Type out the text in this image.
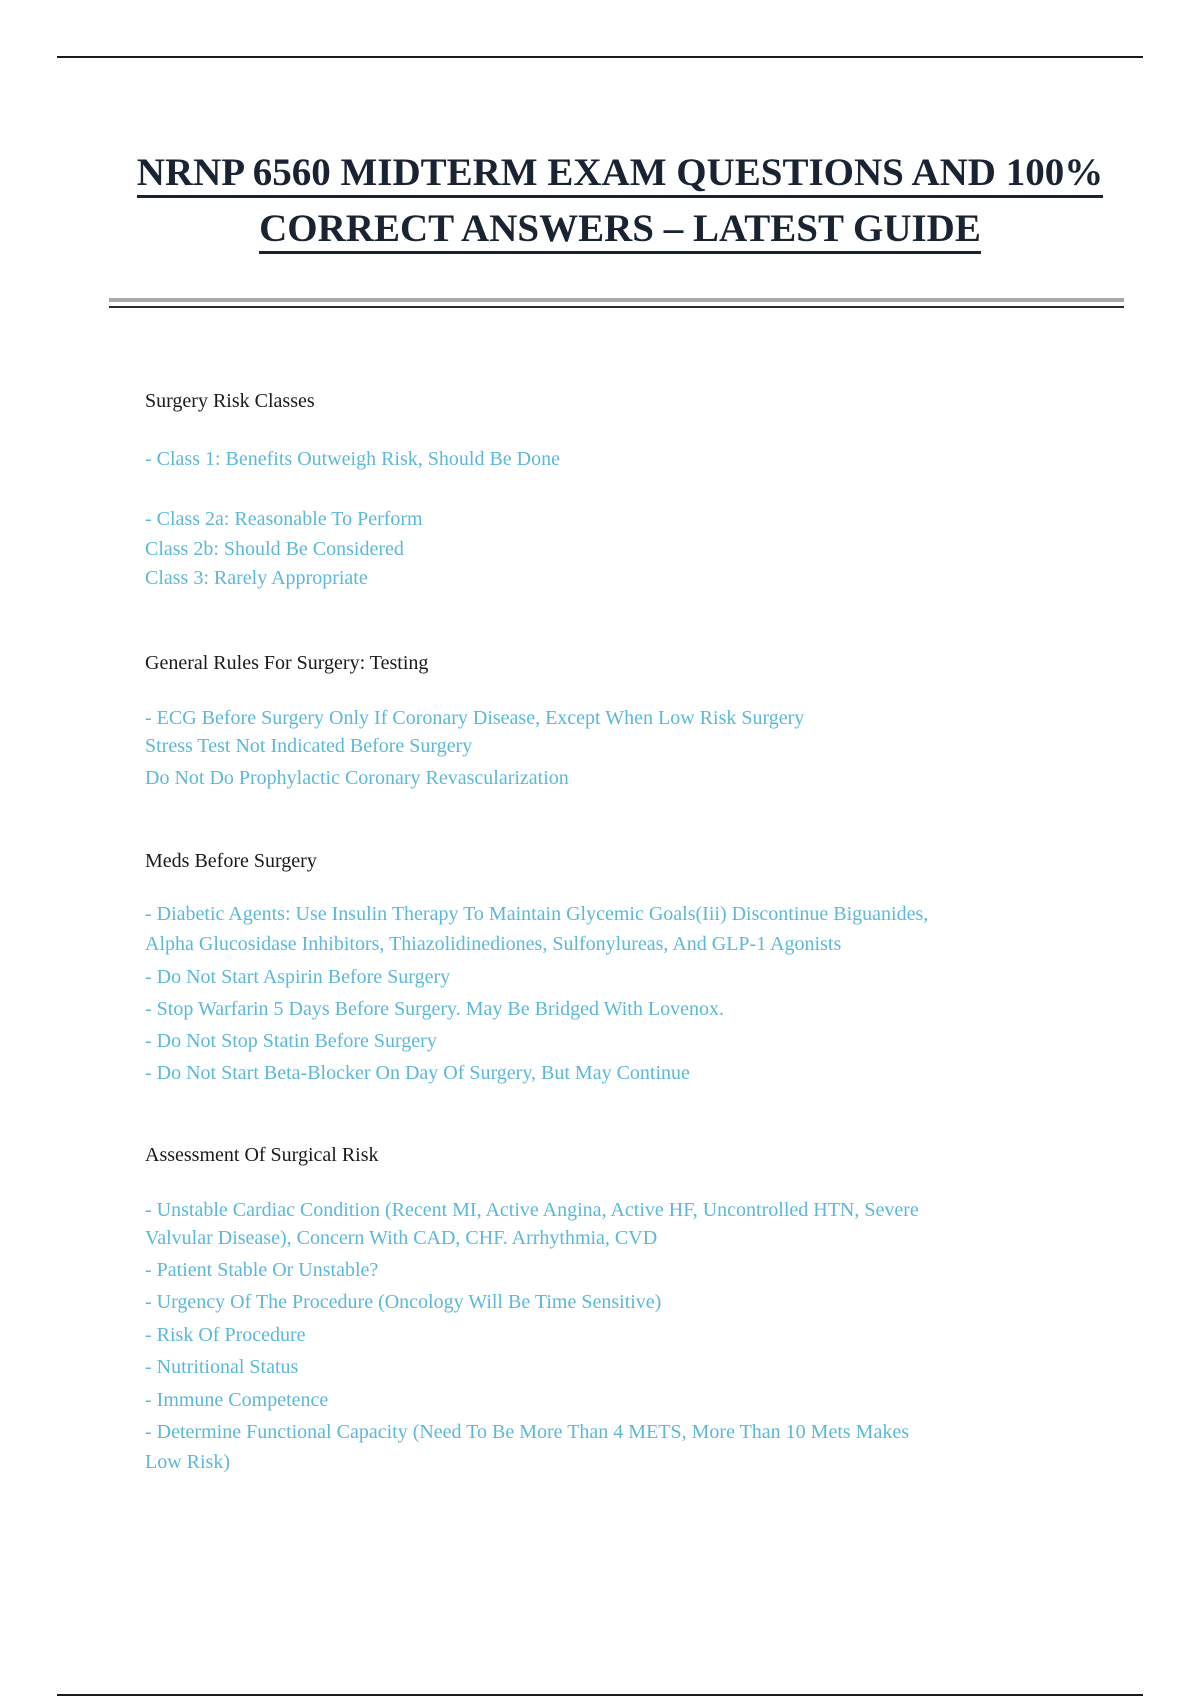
NRNP 6560 MIDTERM EXAM QUESTIONS AND 100%
CORRECT ANSWERS – LATEST GUIDE

Surgery Risk Classes

- Class 1: Benefits Outweigh Risk, Should Be Done

- Class 2a: Reasonable To Perform

Class 2b: Should Be Considered

Class 3: Rarely Appropriate

General Rules For Surgery: Testing

- ECG Before Surgery Only If Coronary Disease, Except When Low Risk Surgery

Stress Test Not Indicated Before Surgery

Do Not Do Prophylactic Coronary Revascularization

Meds Before Surgery

- Diabetic Agents: Use Insulin Therapy To Maintain Glycemic Goals(Iii) Discontinue Biguanides,

Alpha Glucosidase Inhibitors, Thiazolidinediones, Sulfonylureas, And GLP-1 Agonists

- Do Not Start Aspirin Before Surgery

- Stop Warfarin 5 Days Before Surgery. May Be Bridged With Lovenox.

- Do Not Stop Statin Before Surgery

- Do Not Start Beta-Blocker On Day Of Surgery, But May Continue

Assessment Of Surgical Risk

- Unstable Cardiac Condition (Recent MI, Active Angina, Active HF, Uncontrolled HTN, Severe

Valvular Disease), Concern With CAD, CHF. Arrhythmia, CVD

- Patient Stable Or Unstable?

- Urgency Of The Procedure (Oncology Will Be Time Sensitive)

- Risk Of Procedure

- Nutritional Status

- Immune Competence

- Determine Functional Capacity (Need To Be More Than 4 METS, More Than 10 Mets Makes

Low Risk)
